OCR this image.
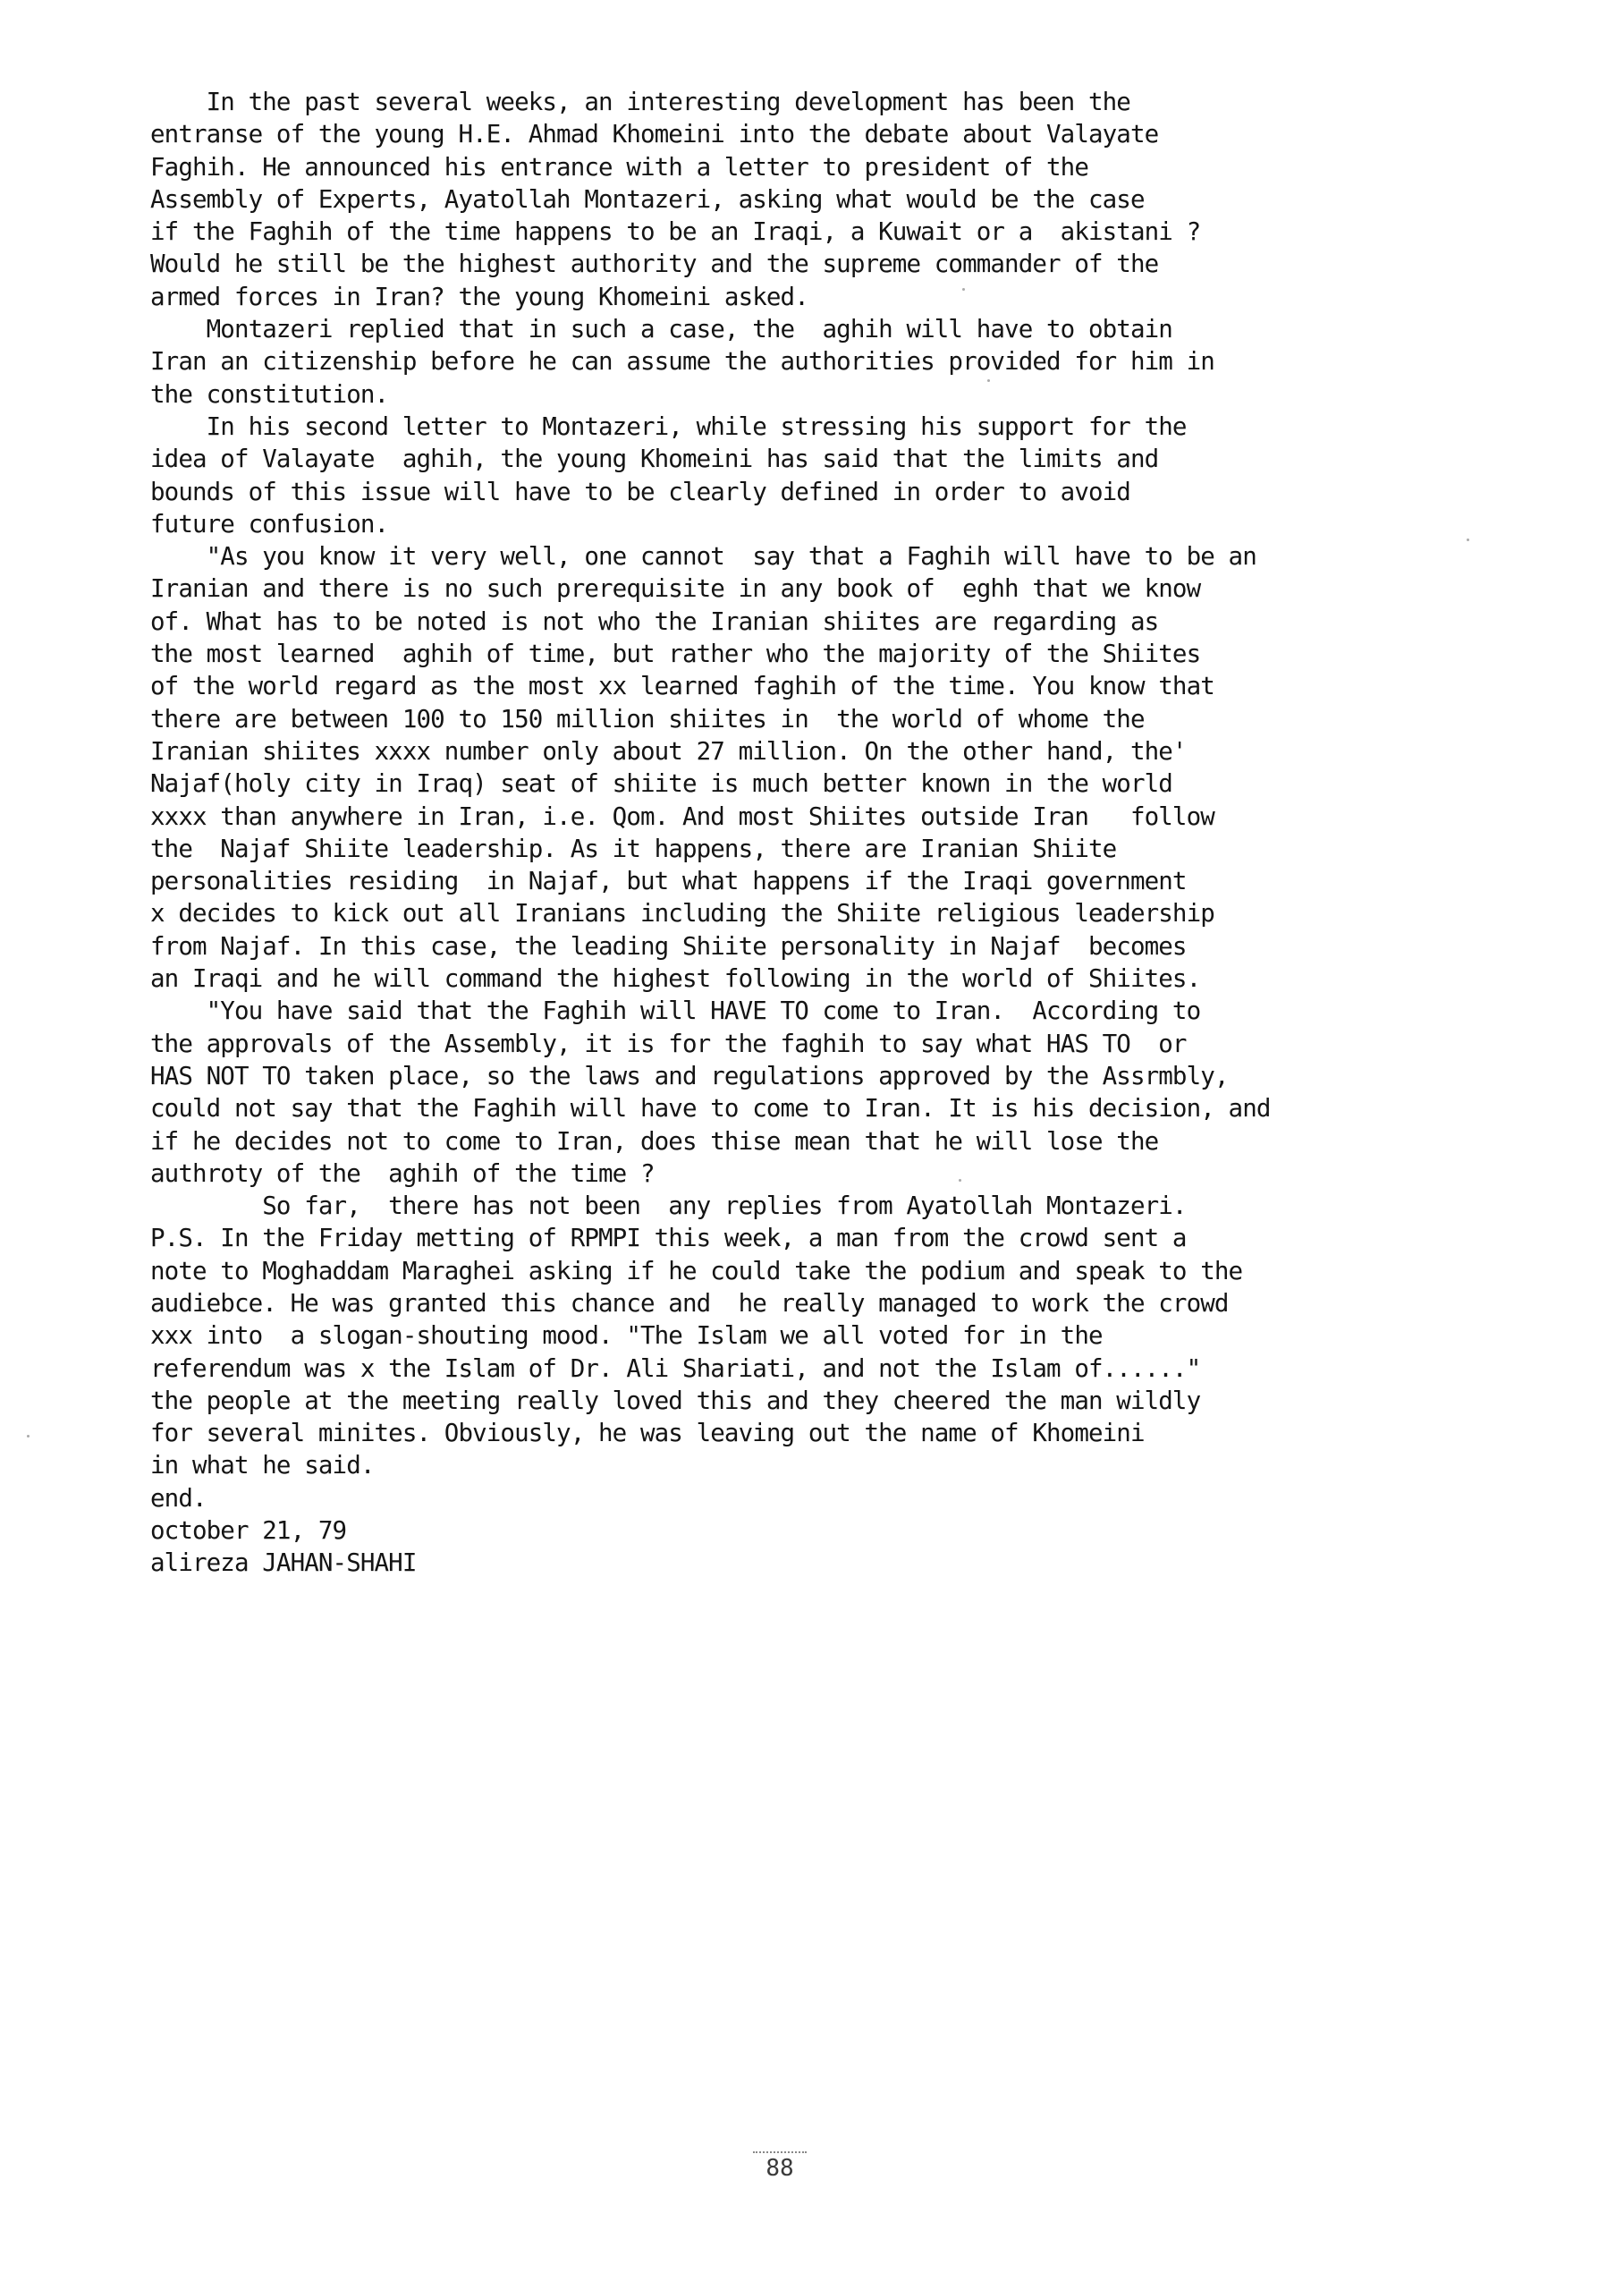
In the past several weeks, an interesting development has been the
entranse of the young H.E. Ahmad Khomeini into the debate about Valayate
Faghih. He announced his entrance with a letter to president of the
Assembly of Experts, Ayatollah Montazeri, asking what would be the case
if the Faghih of the time happens to be an Iraqi, a Kuwait or a  akistani ?
Would he still be the highest authority and the supreme commander of the
armed forces in Iran? the young Khomeini asked.
Montazeri replied that in such a case, the  aghih will have to obtain
Iran an citizenship before he can assume the authorities provided for him in
the constitution.
In his second letter to Montazeri, while stressing his support for the
idea of Valayate  aghih, the young Khomeini has said that the limits and
bounds of this issue will have to be clearly defined in order to avoid
future confusion.
"As you know it very well, one cannot  say that a Faghih will have to be an
Iranian and there is no such prerequisite in any book of  eghh that we know
of. What has to be noted is not who the Iranian shiites are regarding as
the most learned  aghih of time, but rather who the majority of the Shiites
of the world regard as the most xx learned faghih of the time. You know that
there are between 100 to 150 million shiites in  the world of whome the
Iranian shiites xxxx number only about 27 million. On the other hand, the'
Najaf(holy city in Iraq) seat of shiite is much better known in the world
xxxx than anywhere in Iran, i.e. Qom. And most Shiites outside Iran   follow
the  Najaf Shiite leadership. As it happens, there are Iranian Shiite
personalities residing  in Najaf, but what happens if the Iraqi government
x decides to kick out all Iranians including the Shiite religious leadership
from Najaf. In this case, the leading Shiite personality in Najaf  becomes
an Iraqi and he will command the highest following in the world of Shiites.
"You have said that the Faghih will HAVE TO come to Iran.  According to
the approvals of the Assembly, it is for the faghih to say what HAS TO  or
HAS NOT TO taken place, so the laws and regulations approved by the Assrmbly,
could not say that the Faghih will have to come to Iran. It is his decision, and
if he decides not to come to Iran, does thise mean that he will lose the
authroty of the  aghih of the time ?
So far,  there has not been  any replies from Ayatollah Montazeri.
P.S. In the Friday metting of RPMPI this week, a man from the crowd sent a
note to Moghaddam Maraghei asking if he could take the podium and speak to the
audiebce. He was granted this chance and  he really managed to work the crowd
xxx into  a slogan-shouting mood. "The Islam we all voted for in the
referendum was x the Islam of Dr. Ali Shariati, and not the Islam of......"
the people at the meeting really loved this and they cheered the man wildly
for several minites. Obviously, he was leaving out the name of Khomeini
in what he said.
end.
october 21, 79
alireza JAHAN-SHAHI
88
